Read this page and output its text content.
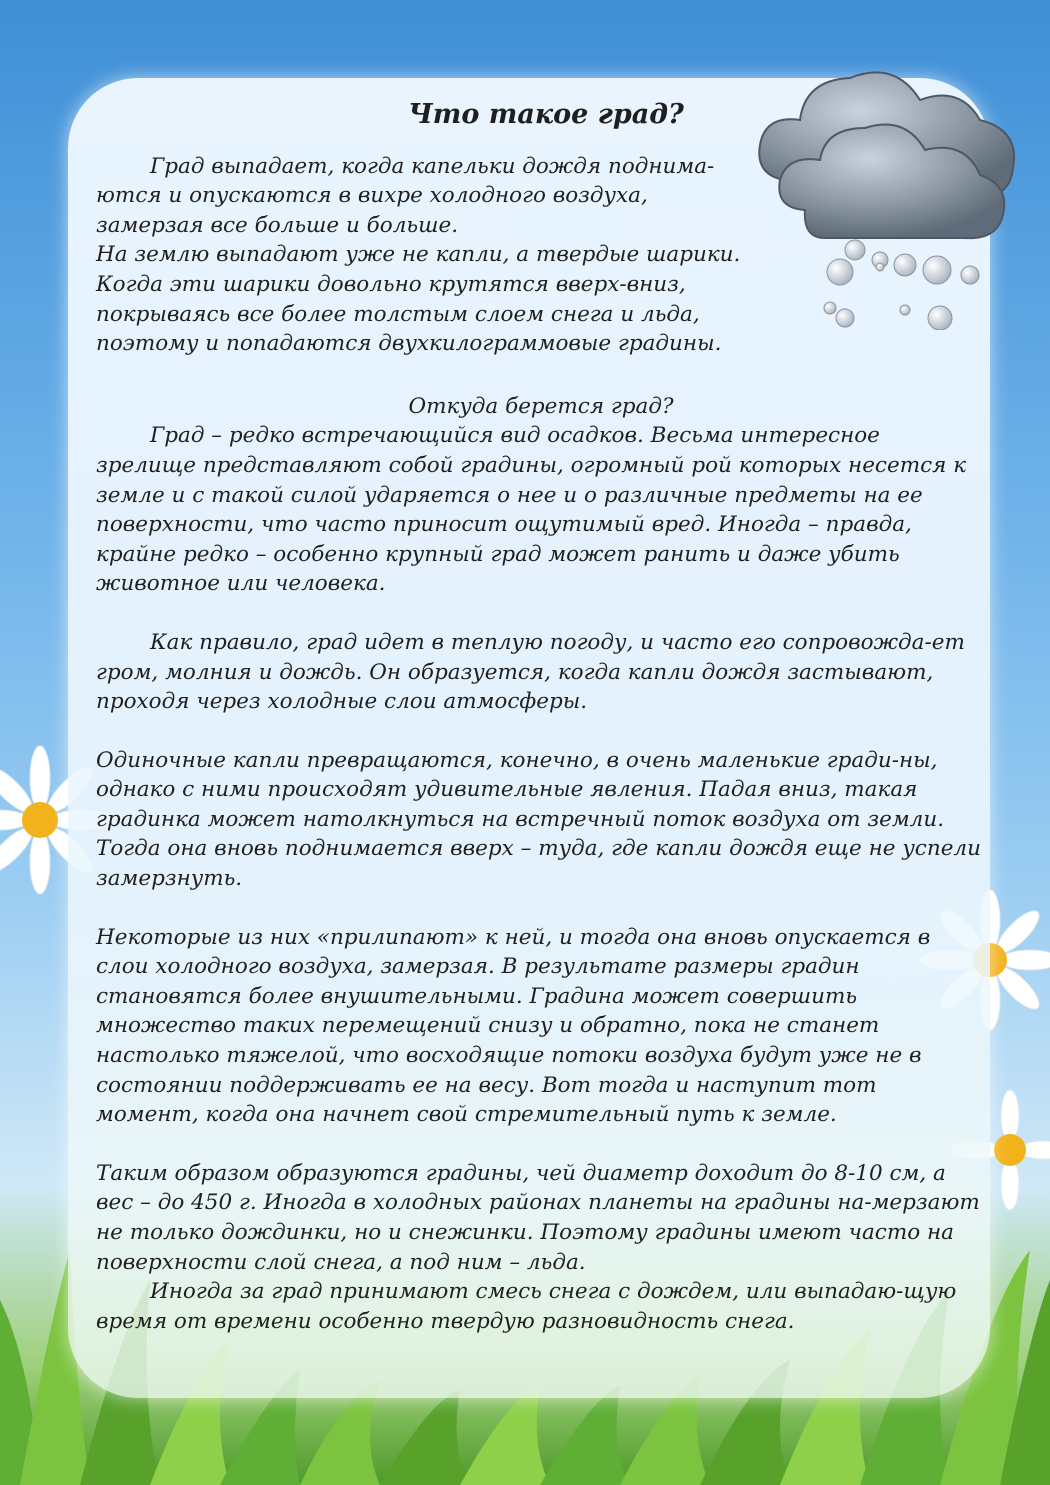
Что такое град?

Град выпадает, когда капельки дождя поднима-

ются и опускаются в вихре холодного воздуха,

замерзая все больше и больше.

На землю выпадают уже не капли, а твердые шарики.

Когда эти шарики довольно крутятся вверх-вниз,

покрываясь все более толстым слоем снега и льда,

поэтому и попадаются двухкилограммовые градины.

Откуда берется град?

Град – редко встречающийся вид осадков. Весьма интересное зрелище представляют собой градины, огромный рой которых несется к земле и с такой силой ударяется о нее и о различные предметы на ее поверхности, что часто приносит ощутимый вред. Иногда – правда, крайне редко – особенно крупный град может ранить и даже убить животное или человека.

Как правило, град идет в теплую погоду, и часто его сопровожда-ет гром, молния и дождь. Он образуется, когда капли дождя застывают, проходя через холодные слои атмосферы.

Одиночные капли превращаются, конечно, в очень маленькие гради-ны, однако с ними происходят удивительные явления. Падая вниз, такая градинка может натолкнуться на встречный поток воздуха от земли. Тогда она вновь поднимается вверх – туда, где капли дождя еще не успели замерзнуть.

Некоторые из них «прилипают» к ней, и тогда она вновь опускается в слои холодного воздуха, замерзая. В результате размеры градин становятся более внушительными. Градина может совершить множество таких перемещений снизу и обратно, пока не станет настолько тяжелой, что восходящие потоки воздуха будут уже не в состоянии поддерживать ее на весу. Вот тогда и наступит тот момент, когда она начнет свой стремительный путь к земле.

Таким образом образуются градины, чей диаметр доходит до 8-10 см, а вес – до 450 г. Иногда в холодных районах планеты на градины на-мерзают не только дождинки, но и снежинки. Поэтому градины имеют часто на поверхности слой снега, а под ним – льда.

Иногда за град принимают смесь снега с дождем, или выпадаю-щую время от времени особенно твердую разновидность снега.
